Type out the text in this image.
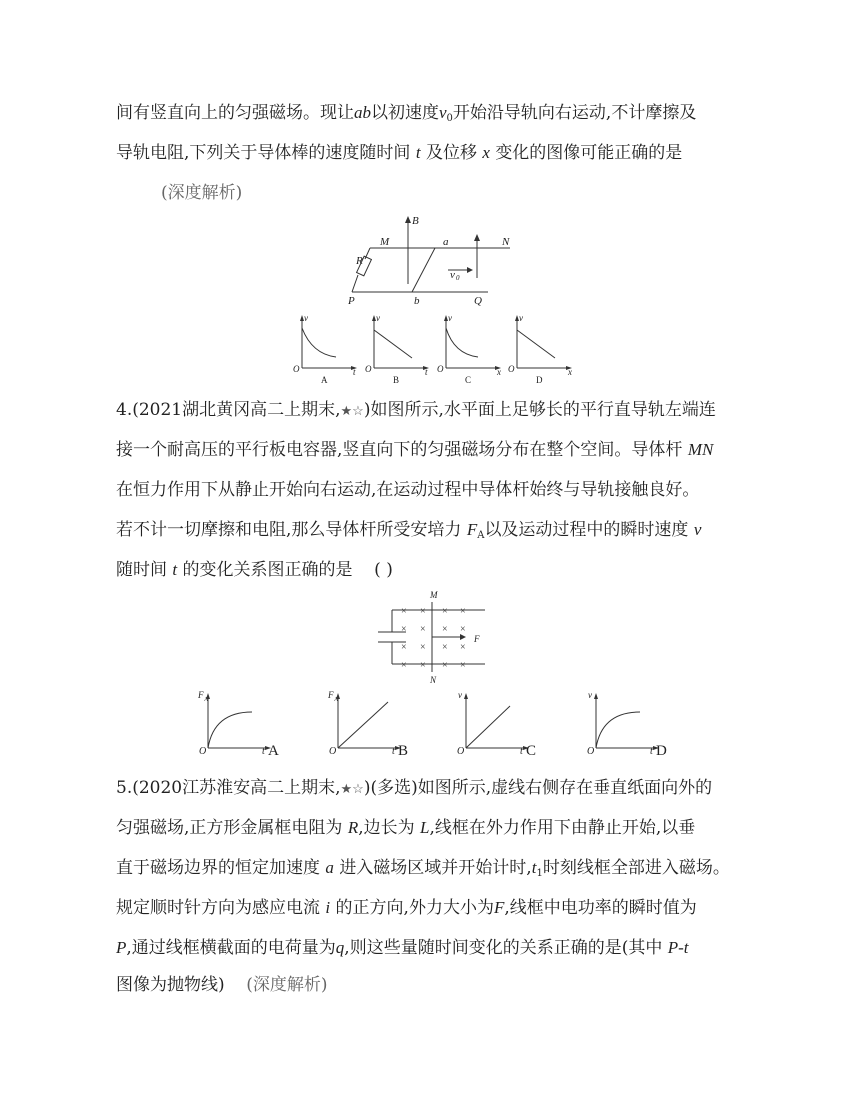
间有竖直向上的匀强磁场。现让ab以初速度$v_0$开始沿导轨向右运动,不计摩擦及
导轨电阻,下列关于导体棒的速度随时间 t 及位移 x 变化的图像可能正确的是
(深度解析)
B
M	a	N
R
v 0
P	b	Q
v
O	t
A
v
O	t
B
v
O	x
C
v
O	x
D
4.(2021湖北黄冈高二上期末,★☆)如图所示,水平面上足够长的平行直导轨左端连
接一个耐高压的平行板电容器,竖直向下的匀强磁场分布在整个空间。导体杆 MN
在恒力作用下从静止开始向右运动,在运动过程中导体杆始终与导轨接触良好。
若不计一切摩擦和电阻,那么导体杆所受安培力 $F_A$以及运动过程中的瞬时速度 v
随时间 t 的变化关系图正确的是 ( )
× × × ×
× × × ×
× × × ×
× × × ×
M
N
F
F A
O	t A
F A
O	t B
v
O	t C
v
O	t D
5.(2020江苏淮安高二上期末,★☆)(多选)如图所示,虚线右侧存在垂直纸面向外的
匀强磁场,正方形金属框电阻为 R,边长为 L,线框在外力作用下由静止开始,以垂
直于磁场边界的恒定加速度 a 进入磁场区域并开始计时$,t_1$时刻线框全部进入磁场。
规定顺时针方向为感应电流 i 的正方向,外力大小为F,线框中电功率的瞬时值为
P,通过线框横截面的电荷量为q,则这些量随时间变化的关系正确的是(其中 P-t
图像为抛物线) (深度解析)
